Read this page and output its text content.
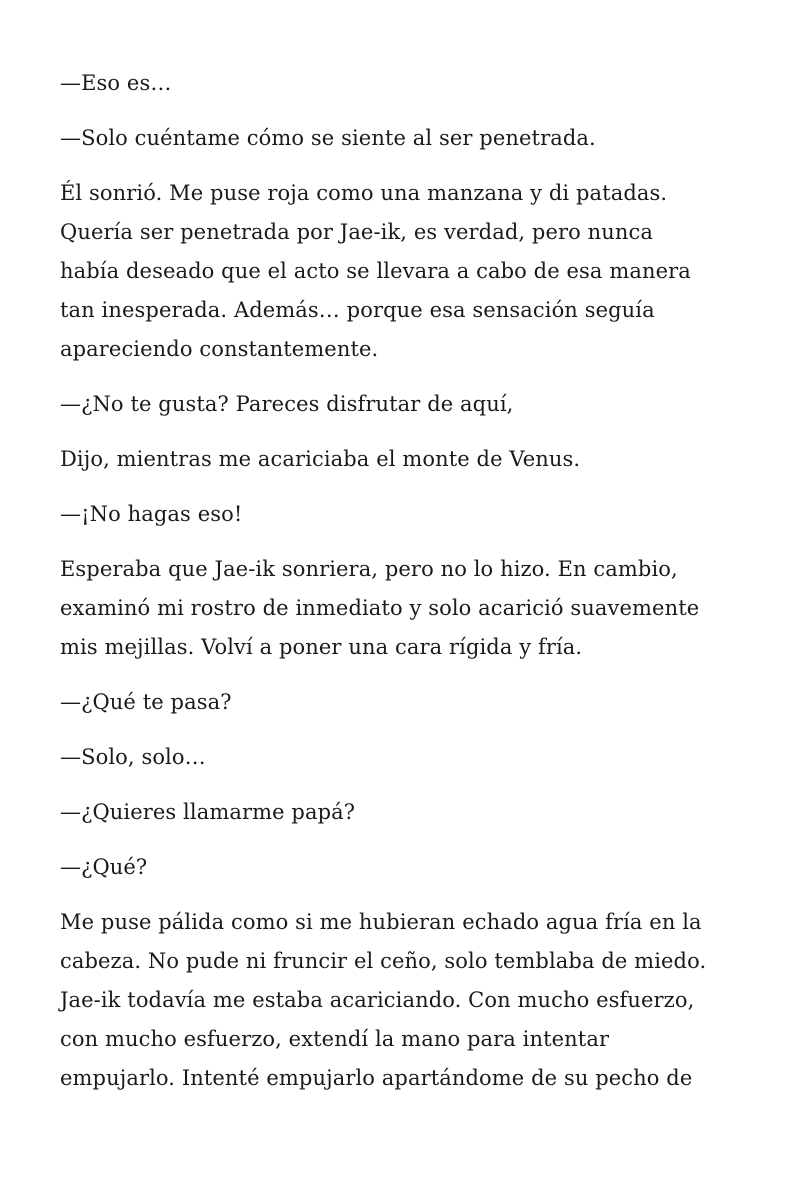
—Eso es…

—Solo cuéntame cómo se siente al ser penetrada.

Él sonrió. Me puse roja como una manzana y di patadas.
Quería ser penetrada por Jae-ik, es verdad, pero nunca
había deseado que el acto se llevara a cabo de esa manera
tan inesperada. Además… porque esa sensación seguía
apareciendo constantemente.

—¿No te gusta? Pareces disfrutar de aquí,

Dijo, mientras me acariciaba el monte de Venus.

—¡No hagas eso!

Esperaba que Jae-ik sonriera, pero no lo hizo. En cambio,
examinó mi rostro de inmediato y solo acarició suavemente
mis mejillas. Volví a poner una cara rígida y fría.

—¿Qué te pasa?

—Solo, solo…

—¿Quieres llamarme papá?

—¿Qué?

Me puse pálida como si me hubieran echado agua fría en la
cabeza. No pude ni fruncir el ceño, solo temblaba de miedo.
Jae-ik todavía me estaba acariciando. Con mucho esfuerzo,
con mucho esfuerzo, extendí la mano para intentar
empujarlo. Intenté empujarlo apartándome de su pecho de
